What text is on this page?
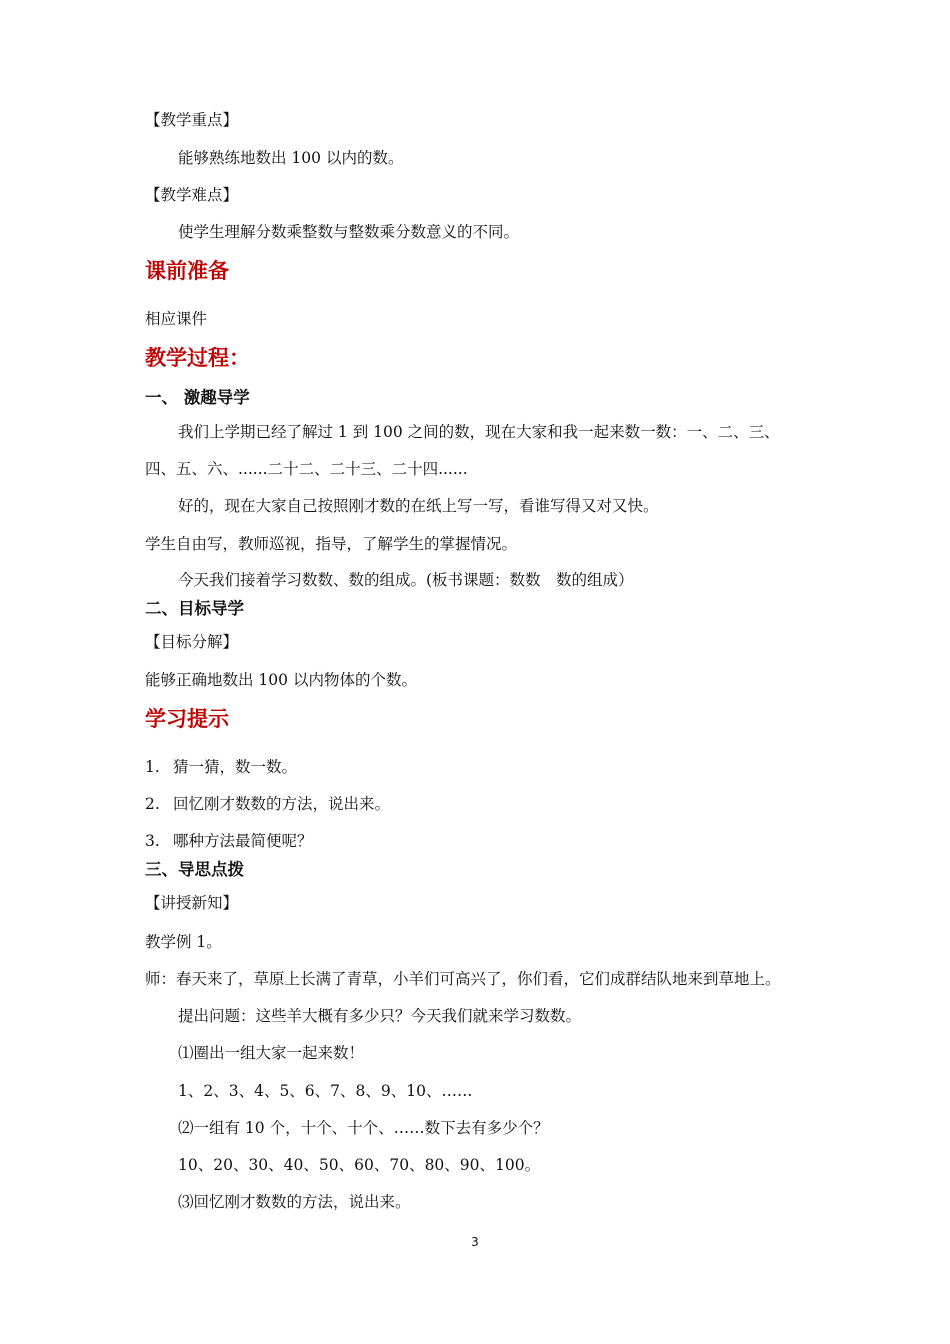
【教学重点】
能够熟练地数出 100 以内的数。
【教学难点】
使学生理解分数乘整数与整数乘分数意义的不同。
课前准备
相应课件
教学过程：
一、 激趣导学
我们上学期已经了解过 1 到 100 之间的数，现在大家和我一起来数一数：一、二、三、
四、五、六、......二十二、二十三、二十四......
好的，现在大家自己按照刚才数的在纸上写一写，看谁写得又对又快。
学生自由写，教师巡视，指导，了解学生的掌握情况。
今天我们接着学习数数、数的组成。(板书课题：数数　数的组成）
二、目标导学
【目标分解】
能够正确地数出 100 以内物体的个数。
学习提示
1. 猜一猜，数一数。
2. 回忆刚才数数的方法，说出来。
3. 哪种方法最简便呢？
三、导思点拨
【讲授新知】
教学例 1。
师：春天来了，草原上长满了青草，小羊们可高兴了，你们看，它们成群结队地来到草地上。
提出问题：这些羊大概有多少只？今天我们就来学习数数。
⑴圈出一组大家一起来数！
1、2、3、4、5、6、7、8、9、10、……
⑵一组有 10 个，十个、十个、……数下去有多少个？
10、20、30、40、50、60、70、80、90、100。
⑶回忆刚才数数的方法，说出来。
3
